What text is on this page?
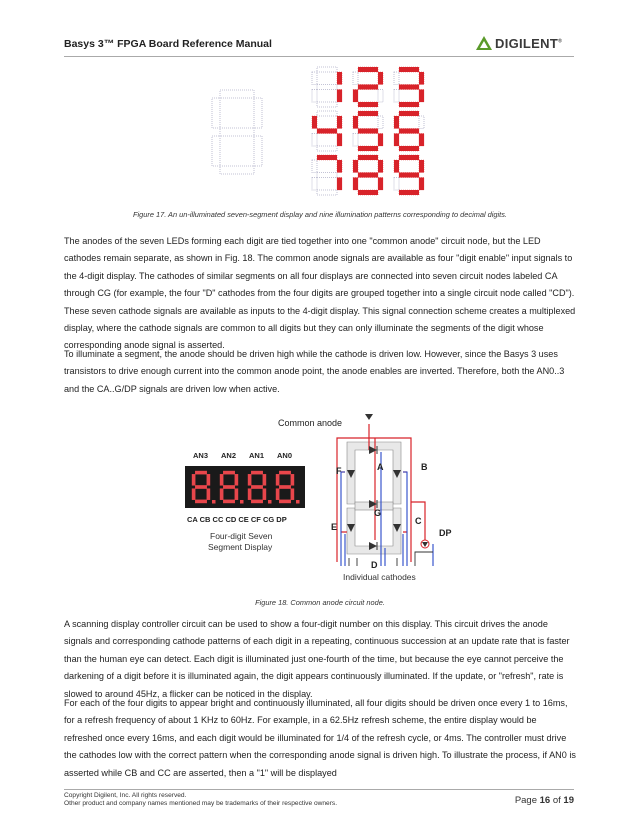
Basys 3™ FPGA Board Reference Manual	DIGILENT®
Figure 17. An un-illuminated seven-segment display and nine illumination patterns corresponding to decimal digits.

The anodes of the seven LEDs forming each digit are tied together into one "common anode" circuit node, but the LED cathodes remain separate, as shown in Fig. 18. The common anode signals are available as four "digit enable" input signals to the 4-digit display. The cathodes of similar segments on all four displays are connected into seven circuit nodes labeled CA through CG (for example, the four "D" cathodes from the four digits are grouped together into a single circuit node called "CD"). These seven cathode signals are available as inputs to the 4-digit display. This signal connection scheme creates a multiplexed display, where the cathode signals are common to all digits but they can only illuminate the segments of the digit whose corresponding anode signal is asserted.

To illuminate a segment, the anode should be driven high while the cathode is driven low. However, since the Basys 3 uses transistors to drive enough current into the common anode point, the anode enables are inverted. Therefore, both the AN0..3 and the CA..G/DP signals are driven low when active.

Common anode
AN3 AN2 AN1 AN0
CA CB CC CD CE CF CG DP
Four-digit Seven
Segment Display
A	B
C
D
E
F
G
DP
Individual cathodes
Figure 18. Common anode circuit node.

A scanning display controller circuit can be used to show a four-digit number on this display. This circuit drives the anode signals and corresponding cathode patterns of each digit in a repeating, continuous succession at an update rate that is faster than the human eye can detect. Each digit is illuminated just one-fourth of the time, but because the eye cannot perceive the darkening of a digit before it is illuminated again, the digit appears continuously illuminated. If the update, or "refresh", rate is slowed to around 45Hz, a flicker can be noticed in the display.

For each of the four digits to appear bright and continuously illuminated, all four digits should be driven once every 1 to 16ms, for a refresh frequency of about 1 KHz to 60Hz. For example, in a 62.5Hz refresh scheme, the entire display would be refreshed once every 16ms, and each digit would be illuminated for 1/4 of the refresh cycle, or 4ms. The controller must drive the cathodes low with the correct pattern when the corresponding anode signal is driven high. To illustrate the process, if AN0 is asserted while CB and CC are asserted, then a "1" will be displayed

Copyright Digilent, Inc. All rights reserved.
Other product and company names mentioned may be trademarks of their respective owners.	Page 16 of 19
